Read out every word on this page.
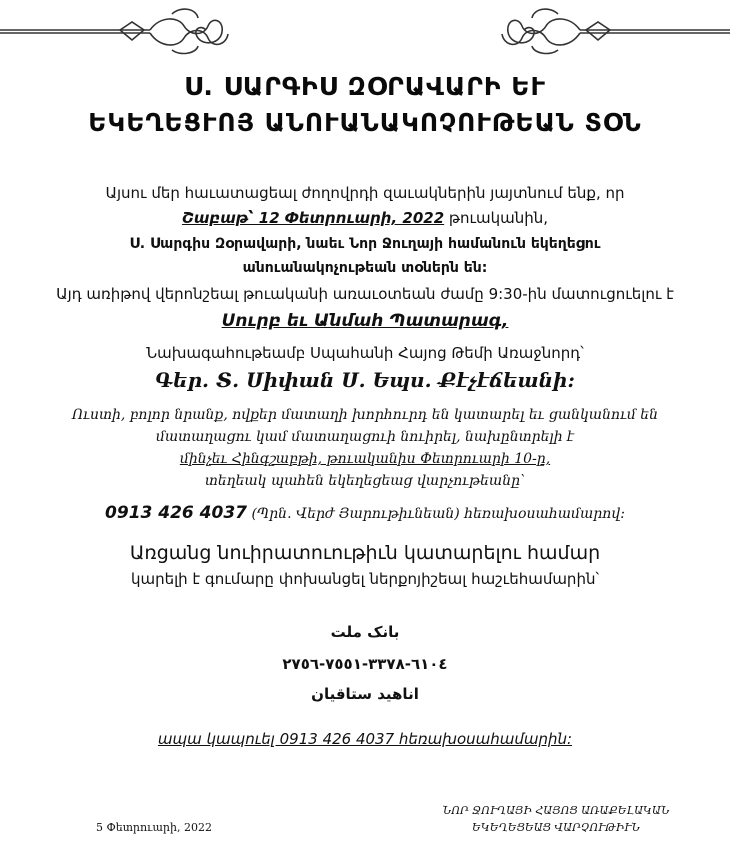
Ս. ՍԱՐԳԻՍ ԶՕՐԱՎԱՐԻ ԵՒ
ԵԿԵՂԵՑՒՈՅ ԱՆՈՒԱՆԱԿՈՉՈՒԹԵԱՆ ՏՕՆ
Այսու մեր հաւատացեալ ժողովրդի զաւակներին յայտնում ենք, որ
Շաբաթ՝ 12 Փետրուարի, 2022 թուականին,
Ս. Սարգիս Զօրավարի, նաեւ Նոր Ջուղայի համանուն եկեղեցու
անուանակոչութեան տօներն են:
Այդ առիթով վերոնշեալ թուականի առաւօտեան ժամը 9:30-ին մատուցուելու է
Սուրբ եւ Անմահ Պատարագ,
Նախագահութեամբ Սպահանի Հայոց Թեմի Առաջնորդ՝
Գեր. Տ. Սիփան Ս. Եպս. Քէչէճեանի:
Ուստի, բոլոր նրանք, ովքեր մատաղի խորհուրդ են կատարել եւ ցանկանում են
մատաղացու կամ մատաղացուի նուիրել, նախընտրելի է
մինչեւ Հինգշաբթի, թուականիս Փետրուարի 10-ը,
տեղեակ պահեն եկեղեցեաց վարչութեանը՝
0913 426 4037 (Պրն. Վերժ Յարութիւնեան) հեռախօսահամարով:
Առցանց նուիրատուութիւն կատարելու համար
կարելի է գումարը փոխանցել ներքոյիշեալ հաշւեհամարին՝
بانک ملت
٦١٠٤-٣٣٧٨-٧٥٥١-٢٧٥٦
اناهید ستاقیان
ապա կապուել 0913 426 4037 հեռախօսահամարին:
5 Փետրուարի, 2022
ՆՈՐ ՋՈՒՂԱՅԻ ՀԱՅՈՑ ԱՌԱՔԵԼԱԿԱՆ
ԵԿԵՂԵՑԵԱՑ ՎԱՐՉՈՒԹԻՒՆ
